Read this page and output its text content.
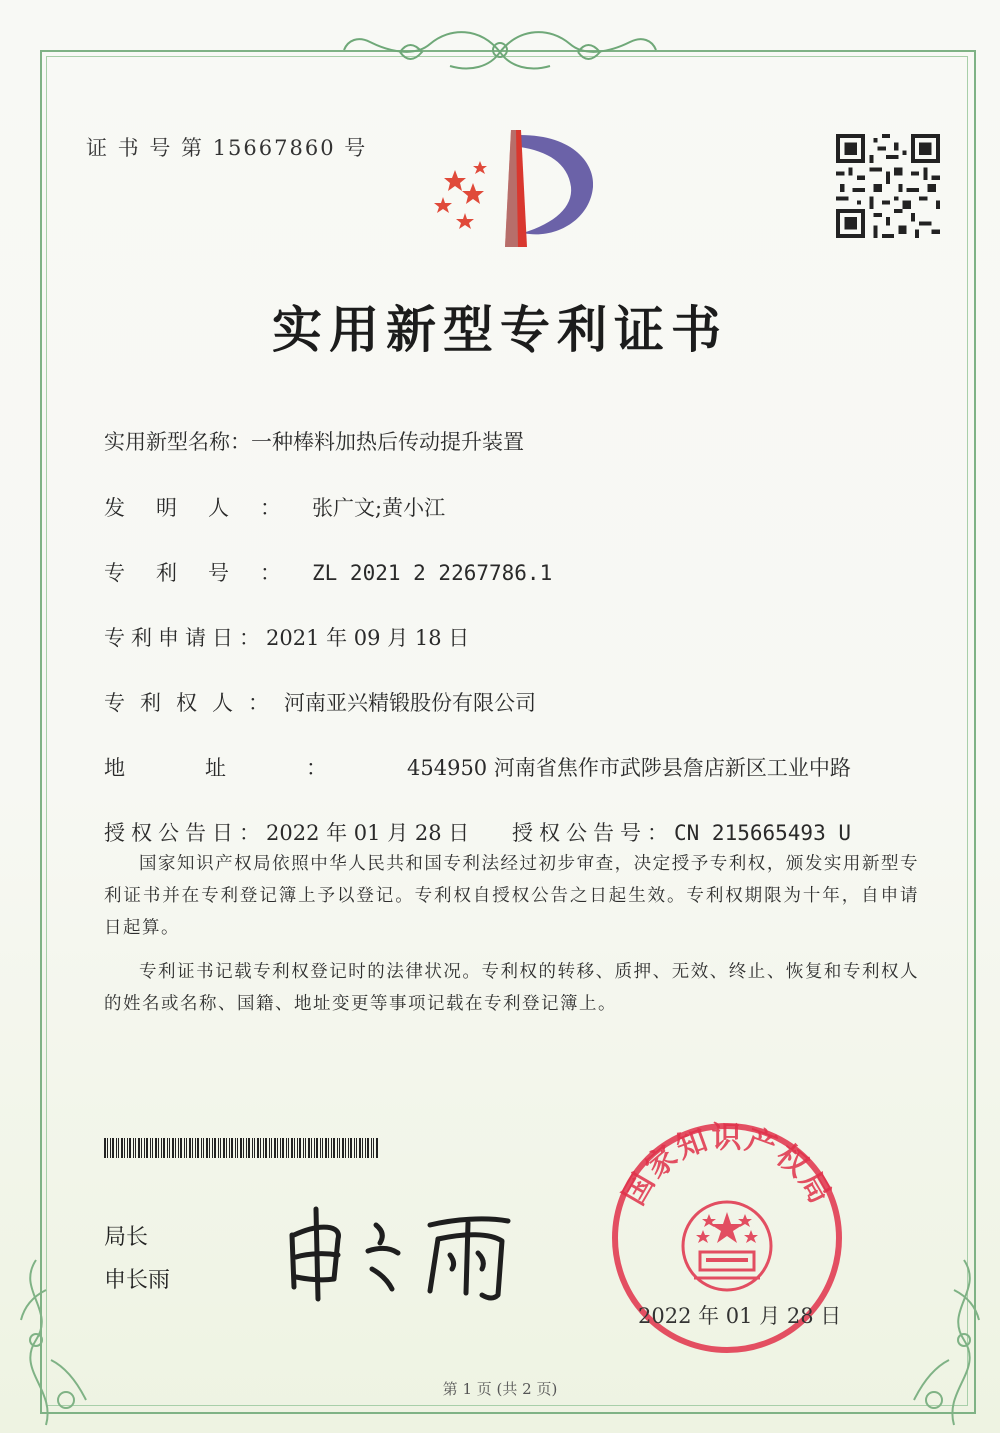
证 书 号 第 15667860 号
实用新型专利证书
实用新型名称：一种棒料加热后传动提升装置
发明人：张广文;黄小江
专利号：ZL 2021 2 2267786.1
专利申请日：2021 年 09 月 18 日
专利权人：河南亚兴精锻股份有限公司
地址：454950 河南省焦作市武陟县詹店新区工业中路
授权公告日：2022 年 01 月 28 日 授权公告号：CN 215665493 U

国家知识产权局依照中华人民共和国专利法经过初步审查，决定授予专利权，颁发实用新型专利证书并在专利登记簿上予以登记。专利权自授权公告之日起生效。专利权期限为十年，自申请日起算。

专利证书记载专利权登记时的法律状况。专利权的转移、质押、无效、终止、恢复和专利权人的姓名或名称、国籍、地址变更等事项记载在专利登记簿上。

局长
申长雨
国家知识产权局
2022 年 01 月 28 日
第 1 页 (共 2 页)
